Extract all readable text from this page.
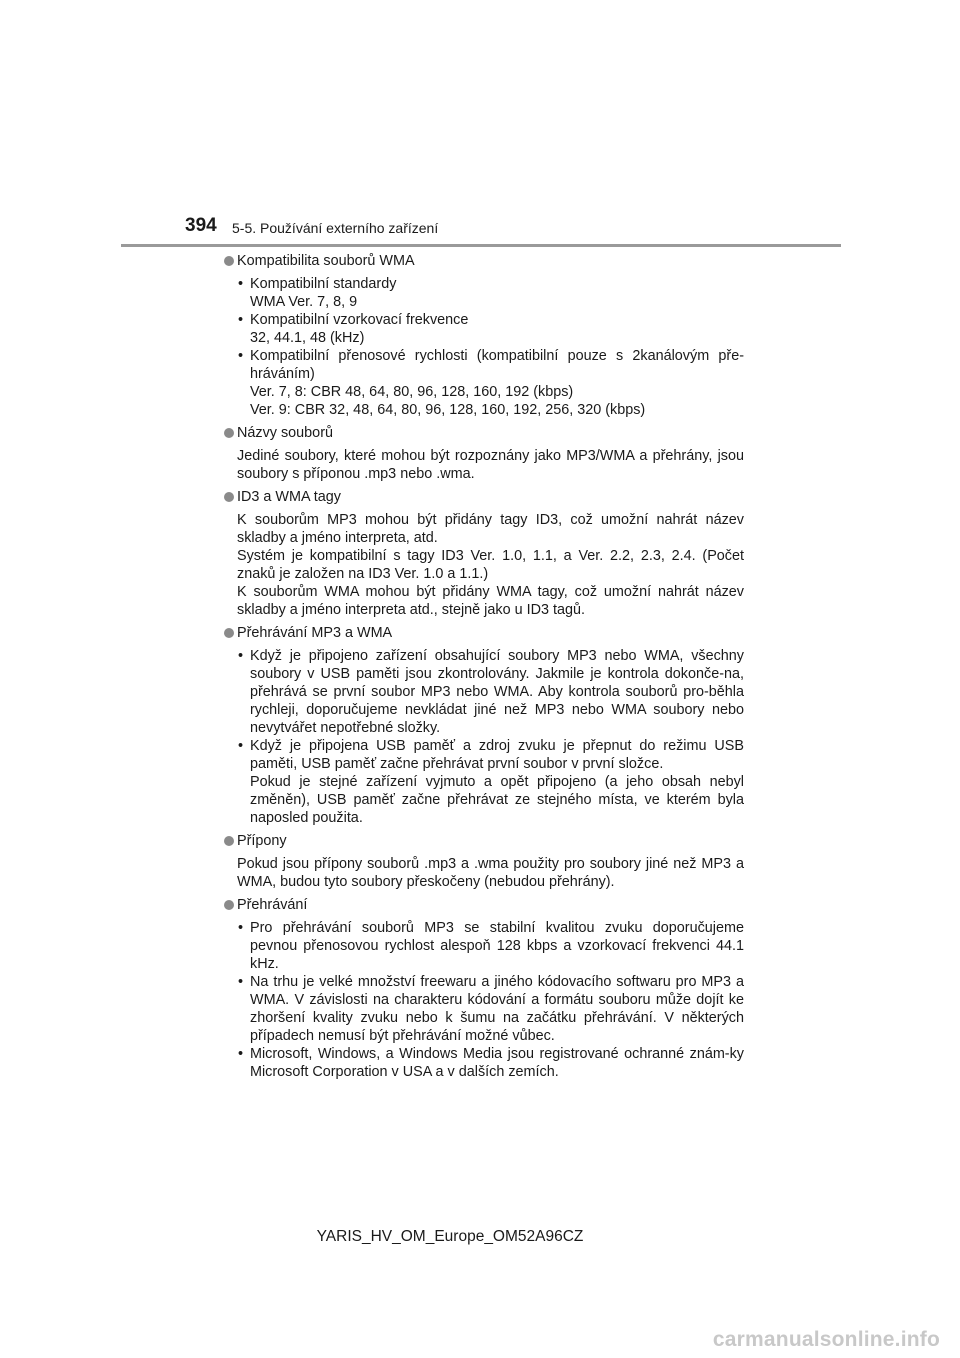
394 5-5. Používání externího zařízení
Kompatibilita souborů WMA
• Kompatibilní standardy
WMA Ver. 7, 8, 9
• Kompatibilní vzorkovací frekvence
32, 44.1, 48 (kHz)
• Kompatibilní přenosové rychlosti (kompatibilní pouze s 2kanálovým pře-hráváním)
Ver. 7, 8: CBR 48, 64, 80, 96, 128, 160, 192 (kbps)
Ver. 9: CBR 32, 48, 64, 80, 96, 128, 160, 192, 256, 320 (kbps)
Názvy souborů

Jediné soubory, které mohou být rozpoznány jako MP3/WMA a přehrány, jsou soubory s příponou .mp3 nebo .wma.

ID3 a WMA tagy

K souborům MP3 mohou být přidány tagy ID3, což umožní nahrát název skladby a jméno interpreta, atd.
Systém je kompatibilní s tagy ID3 Ver. 1.0, 1.1, a Ver. 2.2, 2.3, 2.4. (Počet znaků je založen na ID3 Ver. 1.0 a 1.1.)
K souborům WMA mohou být přidány WMA tagy, což umožní nahrát název skladby a jméno interpreta atd., stejně jako u ID3 tagů.

Přehrávání MP3 a WMA
• Když je připojeno zařízení obsahující soubory MP3 nebo WMA, všechny soubory v USB paměti jsou zkontrolovány. Jakmile je kontrola dokonče-na, přehrává se první soubor MP3 nebo WMA. Aby kontrola souborů pro-běhla rychleji, doporučujeme nevkládat jiné než MP3 nebo WMA soubory nebo nevytvářet nepotřebné složky.
• Když je připojena USB paměť a zdroj zvuku je přepnut do režimu USB paměti, USB paměť začne přehrávat první soubor v první složce.
Pokud je stejné zařízení vyjmuto a opět připojeno (a jeho obsah nebyl změněn), USB paměť začne přehrávat ze stejného místa, ve kterém byla naposled použita.
Přípony

Pokud jsou přípony souborů .mp3 a .wma použity pro soubory jiné než MP3 a WMA, budou tyto soubory přeskočeny (nebudou přehrány).

Přehrávání
• Pro přehrávání souborů MP3 se stabilní kvalitou zvuku doporučujeme pevnou přenosovou rychlost alespoň 128 kbps a vzorkovací frekvenci 44.1 kHz.
• Na trhu je velké množství freewaru a jiného kódovacího softwaru pro MP3 a WMA. V závislosti na charakteru kódování a formátu souboru může dojít ke zhoršení kvality zvuku nebo k šumu na začátku přehrávání. V některých případech nemusí být přehrávání možné vůbec.
• Microsoft, Windows, a Windows Media jsou registrované ochranné znám-ky Microsoft Corporation v USA a v dalších zemích.
YARIS_HV_OM_Europe_OM52A96CZ
carmanualsonline.info
